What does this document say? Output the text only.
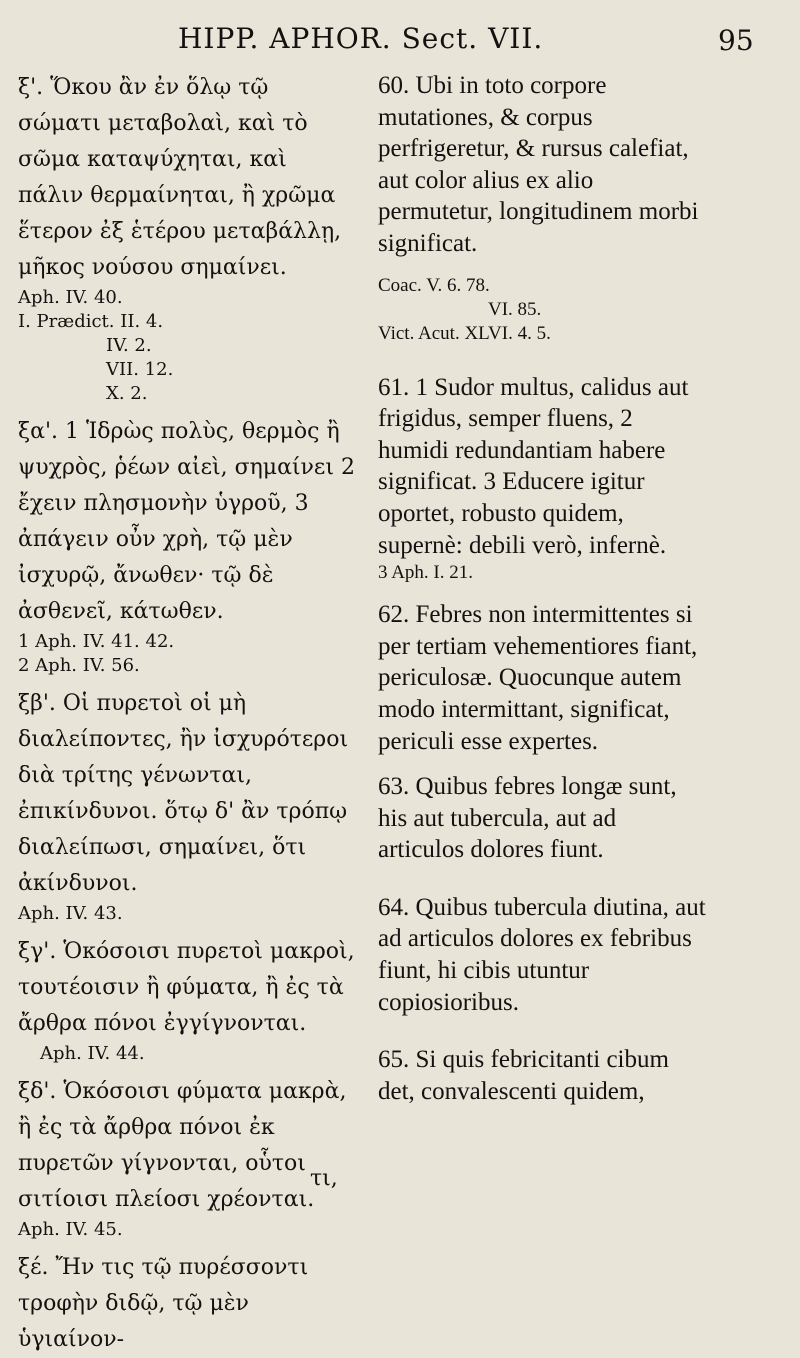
HIPP. APHOR. Sect. VII.	95

ξ'. Ὅκου ἂν ἐν ὅλῳ τῷ σώματι μεταβολαὶ, καὶ τὸ σῶμα καταψύχηται, καὶ πάλιν θερμαίνηται, ἢ χρῶμα ἕτερον ἐξ ἑτέρου μεταβάλλῃ, μῆκος νούσου σημαίνει.

Aph. IV. 40.

I. Prædict. II. 4.

IV. 2.

VII. 12.

X. 2.

ξα'. 1 Ἱδρὼς πολὺς, θερμὸς ἢ ψυχρὸς, ῥέων αἰεὶ, σημαίνει 2 ἔχειν πλησμονὴν ὑγροῦ, 3 ἀπάγειν οὖν χρὴ, τῷ μὲν ἰσχυρῷ, ἄνωθεν· τῷ δὲ ἀσθενεῖ, κάτωθεν.

1 Aph. IV. 41. 42.

2 Aph. IV. 56.

ξβ'. Οἱ πυρετοὶ οἱ μὴ διαλείποντες, ἢν ἰσχυρότεροι διὰ τρίτης γένωνται, ἐπικίνδυνοι. ὅτῳ δ' ἂν τρόπῳ διαλείπωσι, σημαίνει, ὅτι ἀκίνδυνοι.

Aph. IV. 43.

ξγ'. Ὁκόσοισι πυρετοὶ μακροὶ, τουτέοισιν ἢ φύματα, ἢ ἐς τὰ ἄρθρα πόνοι ἐγγίγνονται.

Aph. IV. 44.

ξδ'. Ὁκόσοισι φύματα μακρὰ, ἢ ἐς τὰ ἄρθρα πόνοι ἐκ πυρετῶν γίγνονται, οὗτοι σιτίοισι πλείοσι χρέονται.

Aph. IV. 45.

ξέ. Ἤν τις τῷ πυρέσσοντι τροφὴν διδῷ, τῷ μὲν ὑγιαίνον-

τι,

60. Ubi in toto corpore mutationes, & corpus perfrigeretur, & rursus calefiat, aut color alius ex alio permutetur, longitudinem morbi significat.

Coac. V. 6. 78.

VI. 85.

Vict. Acut. XLVI. 4. 5.

61. 1 Sudor multus, calidus aut frigidus, semper fluens, 2 humidi redundantiam habere significat. 3 Educere igitur oportet, robusto quidem, supernè: debili verò, infernè.

3 Aph. I. 21.

62. Febres non intermittentes si per tertiam vehementiores fiant, periculosæ. Quocunque autem modo intermittant, significat, periculi esse expertes.

63. Quibus febres longæ sunt, his aut tubercula, aut ad articulos dolores fiunt.

64. Quibus tubercula diutina, aut ad articulos dolores ex febribus fiunt, hi cibis utuntur copiosioribus.

65. Si quis febricitanti cibum det, convalescenti quidem,
